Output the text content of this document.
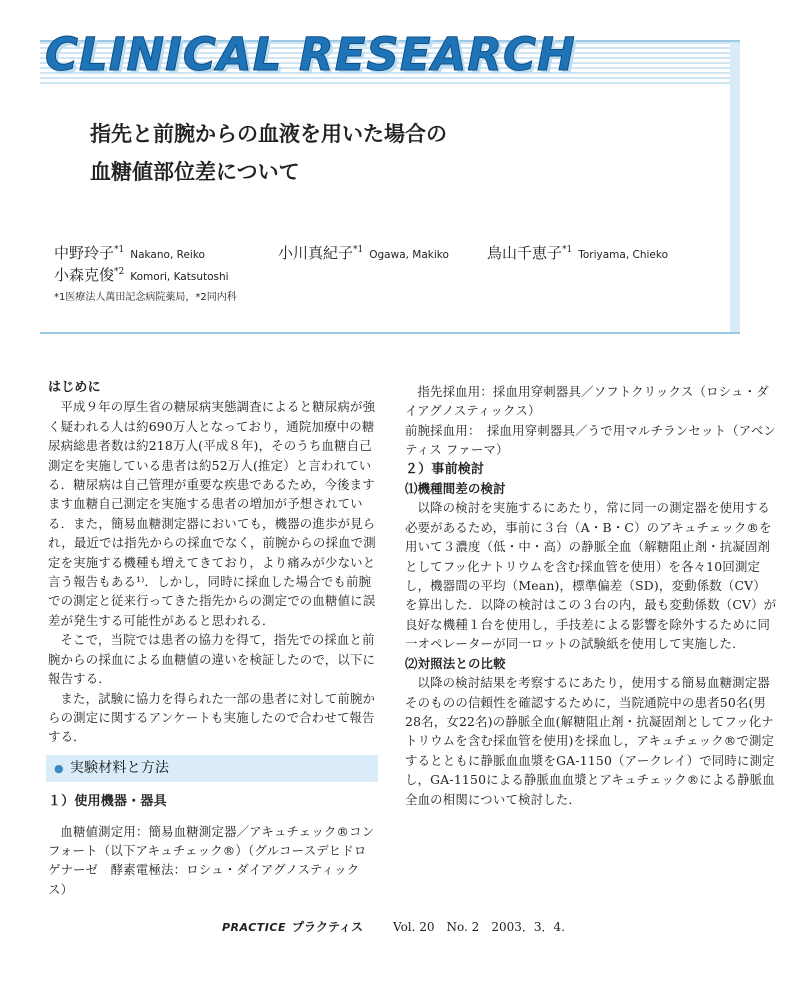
CLINICAL RESEARCH
指先と前腕からの血液を用いた場合の
血糖値部位差について
中野玲子$^{*1}$ Nakano, Reiko	小川真紀子$^{*1}$ Ogawa, Makiko	鳥山千恵子$^{*1}$ Toriyama, Chieko
小森克俊$^{*2}$ Komori, Katsutoshi
*1医療法人萬田記念病院薬局，*2同内科

はじめに

平成９年の厚生省の糖尿病実態調査によると糖尿病が強く疑われる人は約690万人となっており，通院加療中の糖尿病総患者数は約218万人(平成８年)，そのうち血糖自己測定を実施している患者は約52万人(推定）と言われている．糖尿病は自己管理が重要な疾患であるため，今後ますます血糖自己測定を実施する患者の増加が予想されている．また，簡易血糖測定器においても，機器の進歩が見られ，最近では指先からの採血でなく，前腕からの採血で測定を実施する機種も増えてきており，より痛みが少ないと言う報告もある¹⁾．しかし，同時に採血した場合でも前腕での測定と従来行ってきた指先からの測定での血糖値に誤差が発生する可能性があると思われる．

そこで，当院では患者の協力を得て，指先での採血と前腕からの採血による血糖値の違いを検証したので，以下に報告する．

また，試験に協力を得られた一部の患者に対して前腕からの測定に関するアンケートも実施したので合わせて報告する．

● 実験材料と方法

１）使用機器・器具

血糖値測定用：簡易血糖測定器／アキュチェック®コンフォート（以下アキュチェック®）（グルコースデヒドロゲナーゼ　酵素電極法：ロシュ・ダイアグノスティックス）

指先採血用：採血用穿刺器具／ソフトクリックス（ロシュ・ダイアグノスティックス）

前腕採血用：　採血用穿刺器具／うで用マルチランセット（アベンティス ファーマ）

２）事前検討

⑴機種間差の検討

以降の検討を実施するにあたり，常に同一の測定器を使用する必要があるため，事前に３台（A・B・C）のアキュチェック®を用いて３濃度（低・中・高）の静脈全血（解糖阻止剤・抗凝固剤としてフッ化ナトリウムを含む採血管を使用）を各々10回測定し，機器間の平均（Mean)，標準偏差（SD)，変動係数（CV）を算出した．以降の検討はこの３台の内，最も変動係数（CV）が良好な機種１台を使用し，手技差による影響を除外するために同一オペレーターが同一ロットの試験紙を使用して実施した．

⑵対照法との比較

以降の検討結果を考察するにあたり，使用する簡易血糖測定器そのものの信頼性を確認するために，当院通院中の患者50名(男28名，女22名)の静脈全血(解糖阻止剤・抗凝固剤としてフッ化ナトリウムを含む採血管を使用)を採血し，アキュチェック®で測定するとともに静脈血血漿をGA-1150（アークレイ）で同時に測定し，GA-1150による静脈血血漿とアキュチェック®による静脈血全血の相関について検討した．

PRACTICE プラクティス	Vol. 20　No. 2　2003．3．4.
